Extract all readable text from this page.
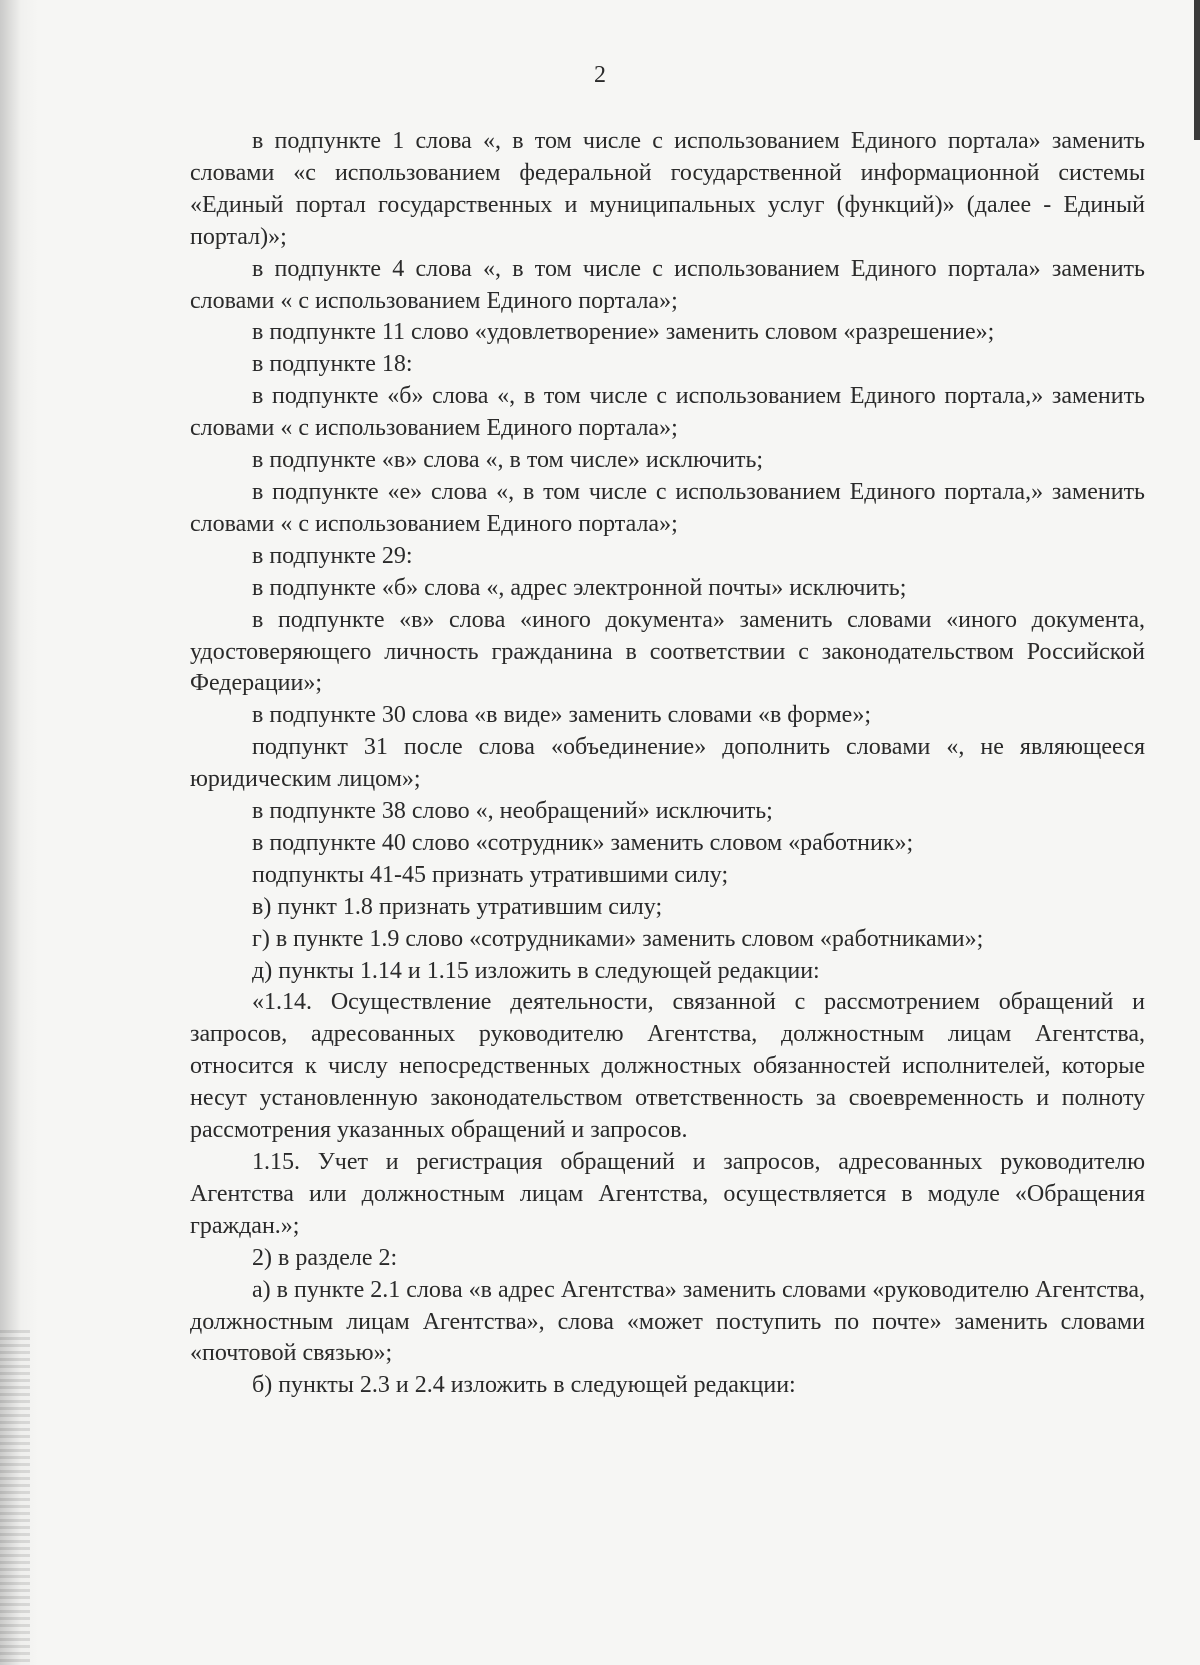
2

в подпункте 1 слова «, в том числе с использованием Единого портала» заменить словами «с использованием федеральной государственной информационной системы «Единый портал государственных и муниципальных услуг (функций)» (далее - Единый портал)»;

в подпункте 4 слова «, в том числе с использованием Единого портала» заменить словами « с использованием Единого портала»;

в подпункте 11 слово «удовлетворение» заменить словом «разрешение»;

в подпункте 18:

в подпункте «б» слова «, в том числе с использованием Единого портала,» заменить словами « с использованием Единого портала»;

в подпункте «в» слова «, в том числе» исключить;

в подпункте «е» слова «, в том числе с использованием Единого портала,» заменить словами « с использованием Единого портала»;

в подпункте 29:

в подпункте «б» слова «, адрес электронной почты» исключить;

в подпункте «в» слова «иного документа» заменить словами «иного документа, удостоверяющего личность гражданина в соответствии с законодательством Российской Федерации»;

в подпункте 30 слова «в виде» заменить словами «в форме»;

подпункт 31 после слова «объединение» дополнить словами «, не являющееся юридическим лицом»;

в подпункте 38 слово «, необращений» исключить;

в подпункте 40 слово «сотрудник» заменить словом «работник»;

подпункты 41-45 признать утратившими силу;

в) пункт 1.8 признать утратившим силу;

г) в пункте 1.9 слово «сотрудниками» заменить словом «работниками»;

д) пункты 1.14 и 1.15 изложить в следующей редакции:

«1.14. Осуществление деятельности, связанной с рассмотрением обращений и запросов, адресованных руководителю Агентства, должностным лицам Агентства, относится к числу непосредственных должностных обязанностей исполнителей, которые несут установленную законодательством ответственность за своевременность и полноту рассмотрения указанных обращений и запросов.

1.15. Учет и регистрация обращений и запросов, адресованных руководителю Агентства или должностным лицам Агентства, осуществляется в модуле «Обращения граждан.»;

2) в разделе 2:

а) в пункте 2.1 слова «в адрес Агентства» заменить словами «руководителю Агентства, должностным лицам Агентства», слова «может поступить по почте» заменить словами «почтовой связью»;

б) пункты 2.3 и 2.4 изложить в следующей редакции:
